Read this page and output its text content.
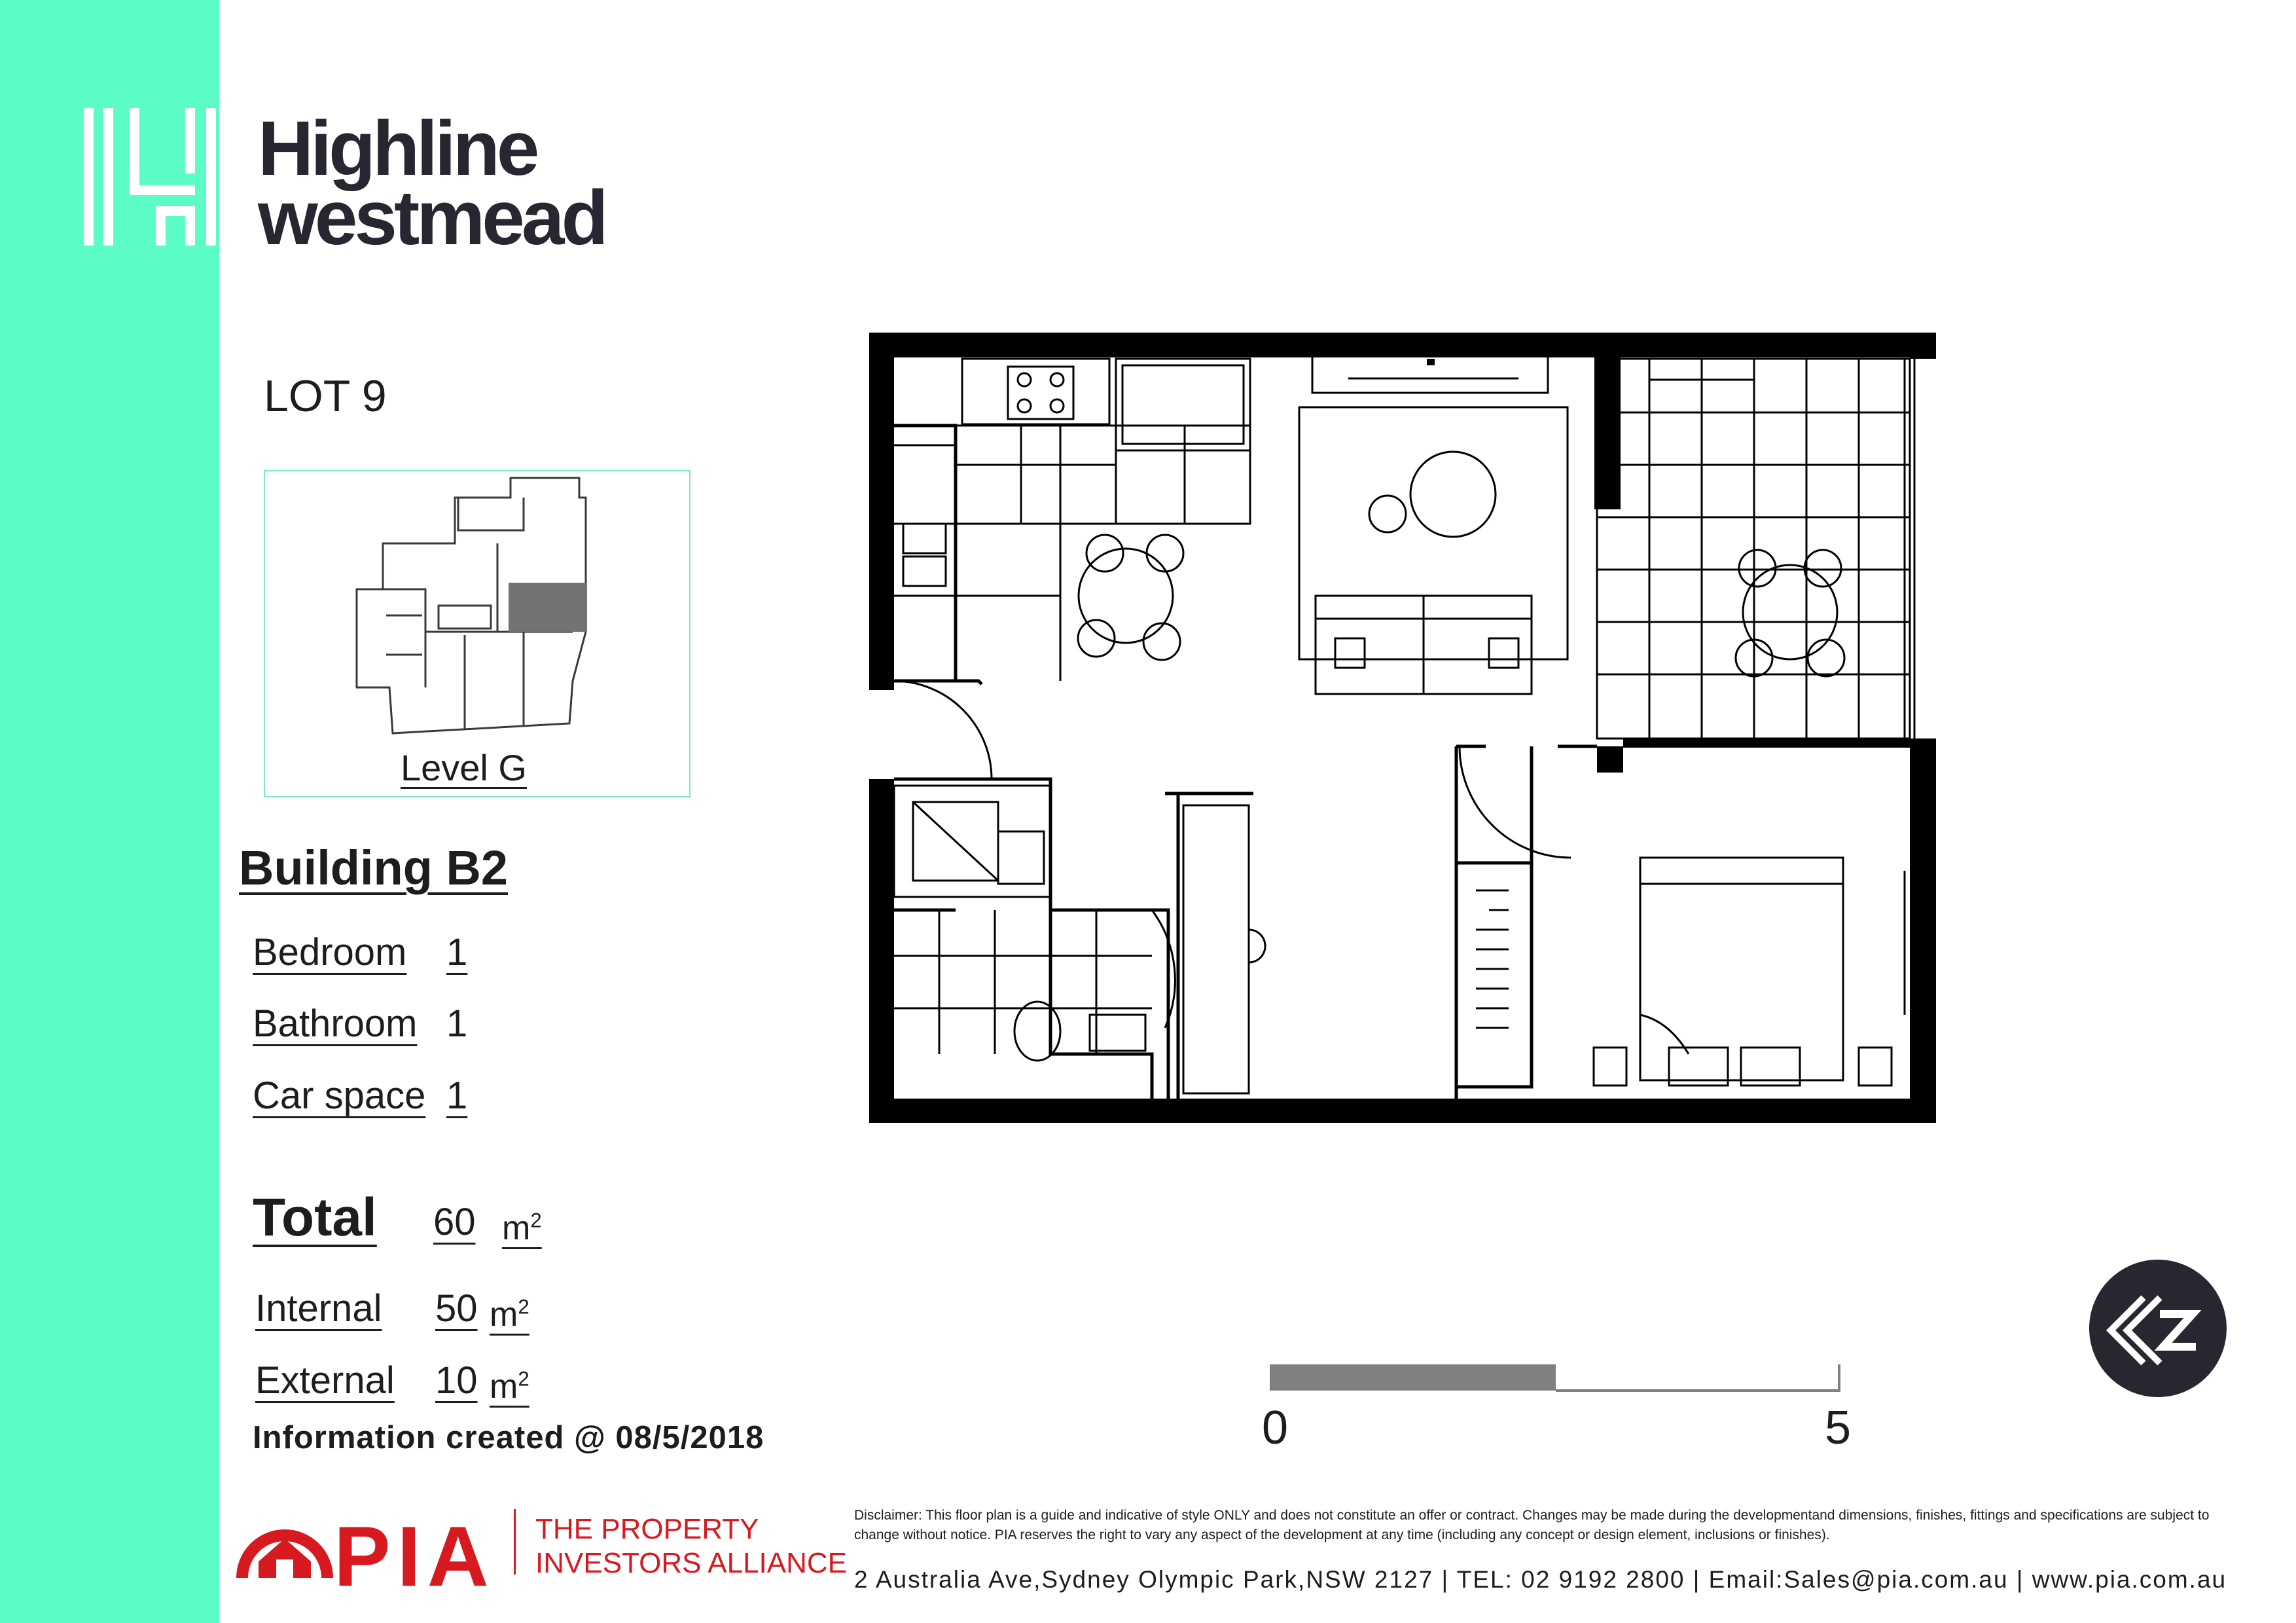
Highline
westmead
LOT 9
Level G
Building B2
Bedroom 1
Bathroom 1
Car space 1
Total 60 $m^2$
Internal 50 $m^2$
External 10 $m^2$
Information created @ 08/5/2018	0	5
PIA THE PROPERTY
INVESTORS ALLIANCE
Disclaimer: This floor plan is a guide and indicative of style ONLY and does not constitute an offer or contract. Changes may be made during the developmentand dimensions, finishes, fittings and specifications are subject to change without notice. PIA reserves the right to vary any aspect of the development at any time (including any concept or design element, inclusions or finishes).
2 Australia Ave,Sydney Olympic Park,NSW 2127 | TEL: 02 9192 2800 | Email:Sales@pia.com.au | www.pia.com.au
